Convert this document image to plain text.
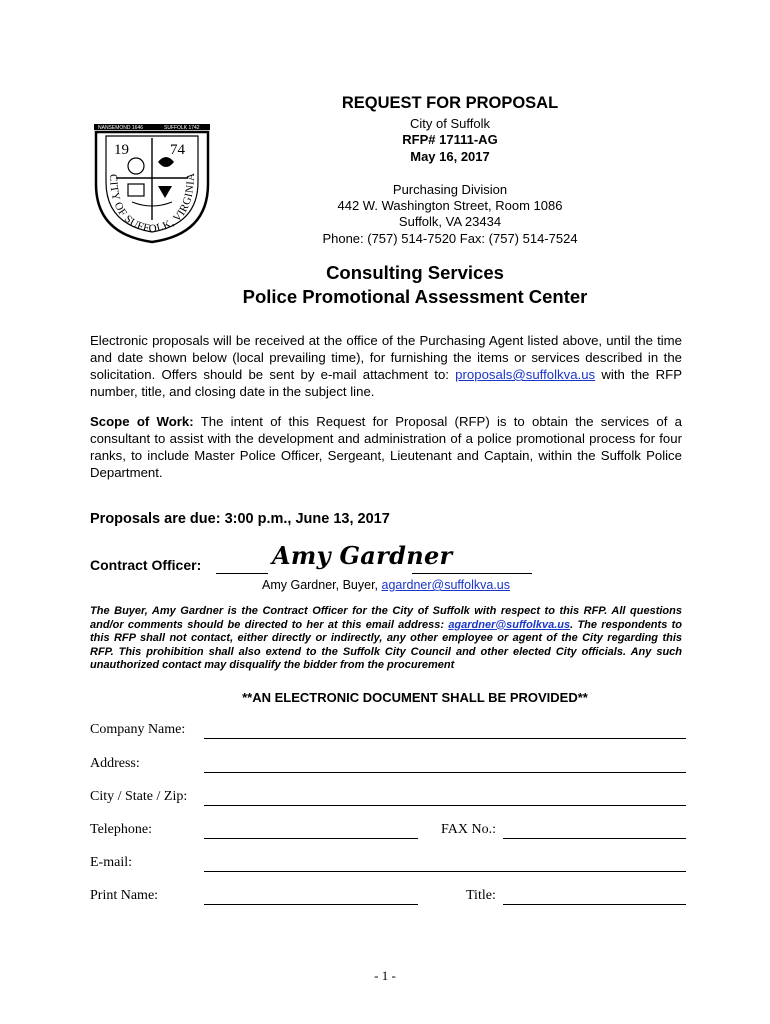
NANSEMOND 1646	SUFFOLK 1742
19	74
CITY OF SUFFOLK, VIRGINIA
REQUEST FOR PROPOSAL
City of Suffolk
RFP# 17111-AG
May 16, 2017
Purchasing Division
442 W. Washington Street, Room 1086
Suffolk, VA 23434
Phone: (757) 514-7520 Fax: (757) 514-7524
Consulting Services
Police Promotional Assessment Center
Electronic proposals will be received at the office of the Purchasing Agent listed above, until the time and date shown below (local prevailing time), for furnishing the items or services described in the solicitation. Offers should be sent by e-mail attachment to: proposals@suffolkva.us with the RFP number, title, and closing date in the subject line.
Scope of Work: The intent of this Request for Proposal (RFP) is to obtain the services of a consultant to assist with the development and administration of a police promotional process for four ranks, to include Master Police Officer, Sergeant, Lieutenant and Captain, within the Suffolk Police Department.
Proposals are due: 3:00 p.m., June 13, 2017
Contract Officer:	Amy Gardner
Amy Gardner, Buyer, agardner@suffolkva.us
The Buyer, Amy Gardner is the Contract Officer for the City of Suffolk with respect to this RFP. All questions and/or comments should be directed to her at this email address: agardner@suffolkva.us. The respondents to this RFP shall not contact, either directly or indirectly, any other employee or agent of the City regarding this RFP. This prohibition shall also extend to the Suffolk City Council and other elected City officials. Any such unauthorized contact may disqualify the bidder from the procurement
**AN ELECTRONIC DOCUMENT SHALL BE PROVIDED**
Company Name:
Address:
City / State / Zip:
Telephone:	FAX No.:
E-mail:
Print Name:	Title:
- 1 -
